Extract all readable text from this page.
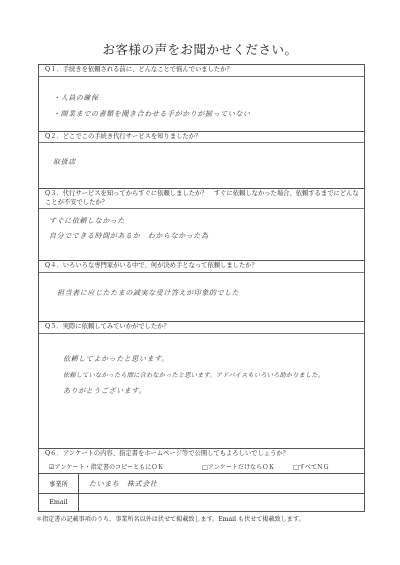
お客様の声をお聞かせください。
Q１．手続きを依頼される前に、どんなことで悩んでいましたか？
・人員の確保
・開業までの書類を聞き合わせる手がかりが揃っていない
Q２．どこでこの手続き代行サービスを知りましたか？
取扱店
Q３．代行サービスを知ってからすぐに依頼しましたか？　すぐに依頼しなかった場合、依頼するまでにどんなことが不安でしたか？
すぐに依頼しなかった
自分でできる時間があるか　わからなかった為
Q４．いろいろな専門家がいる中で、何が決め手となって依頼しましたか？
担当者に应じたたまの誠実な受け答えが印象的でした
Q５．実際に依頼してみていかがでしたか？
依頼してよかったと思います。
依頼していなかったら間に合わなかったと思います。アドバイスもいろいろ助かりました。
ありがとうございます。
Q６．アンケートの内容、指定書をホームページ等で公開してもよろしいでしょうか？
☑アンケート・指定書のコピーともにＯＫ	□アンケートだけならＯＫ	□すべてＮＧ
事業所	たいまち　株式会社
Email
＊指定書の記載事項のうち、事業所名以外は伏せて掲載致します。Email も伏せて掲載致します。
